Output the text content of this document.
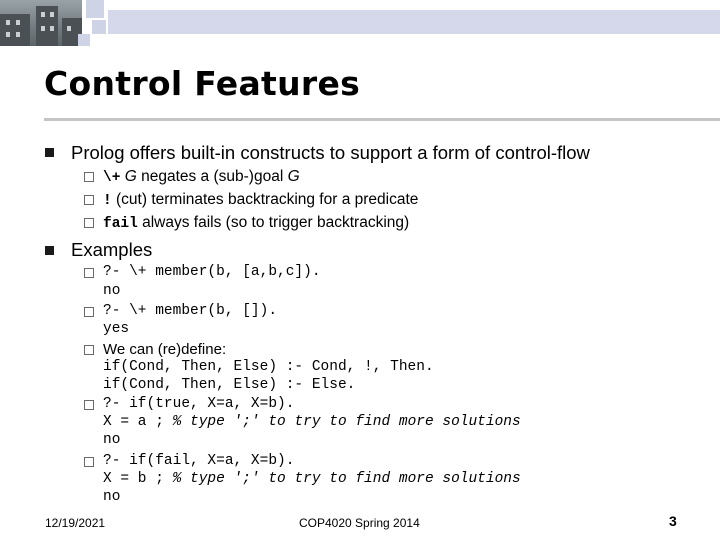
Control Features
Prolog offers built-in constructs to support a form of control-flow
\+ G negates a (sub-)goal G
! (cut) terminates backtracking for a predicate
fail always fails (so to trigger backtracking)
Examples
?- \+ member(b, [a,b,c]).
no
?- \+ member(b, []).
yes
We can (re)define:
if(Cond, Then, Else) :- Cond, !, Then.
if(Cond, Then, Else) :- Else.
?- if(true, X=a, X=b).
X = a ; % type ';' to try to find more solutions
no
?- if(fail, X=a, X=b).
X = b ; % type ';' to try to find more solutions
no
12/19/2021	COP4020 Spring 2014	3
